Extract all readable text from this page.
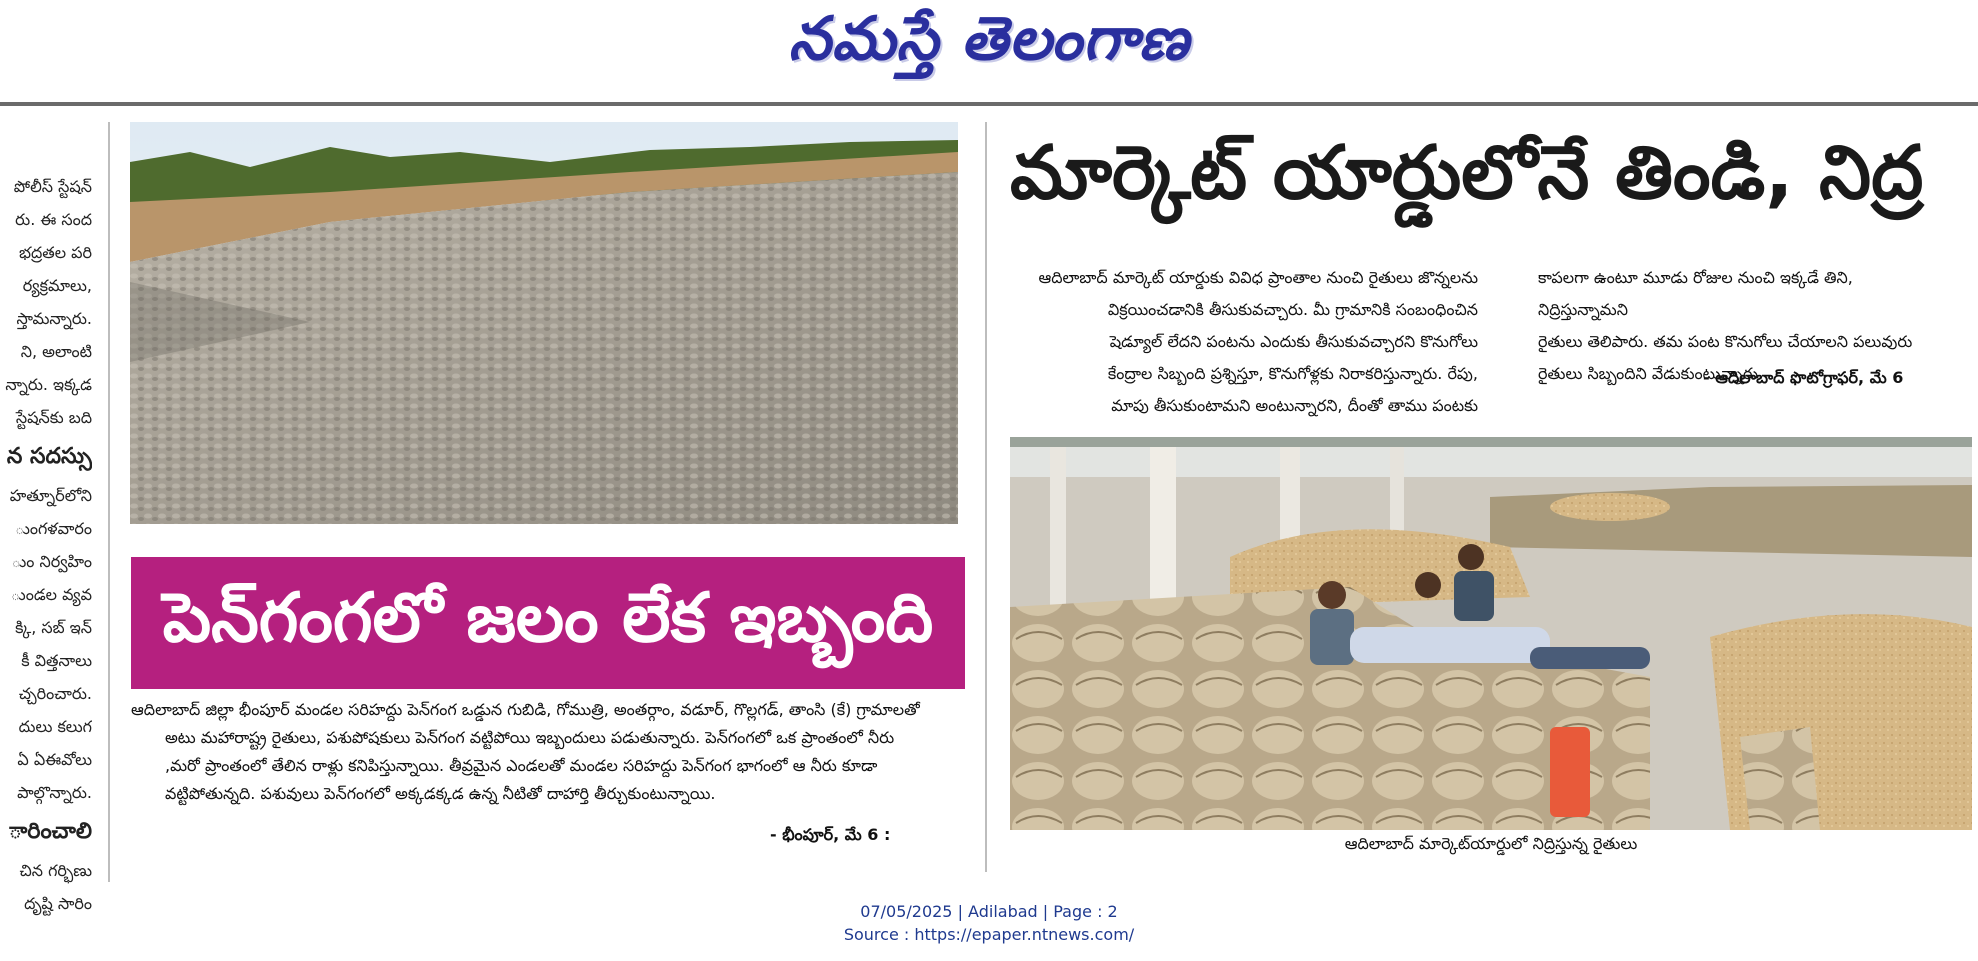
నమస్తే తెలంగాణ

పోలీస్ స్టేషన్

రు. ఈ సంద

భద్రతల పరి

ర్యక్రమాలు,

స్తామన్నారు.

ని, అలాంటి

న్నారు. ఇక్కడ

స్టేషన్‌కు బది

న సదస్సు

హత్నూర్‌లోని

ుంగళవారం

ుం నిర్వహిం

ుండల వ్యవ

క్కి, సబ్ ఇన్

కీ విత్తనాలు

చ్చరించారు.

దులు కలుగ

ఏ ఏఈవోలు

పాల్గొన్నారు.

ారించాలి

చిన గర్భిణు

దృష్టి సారిం

పెన్‌గంగలో జలం లేక ఇబ్బంది

ఆదిలాబాద్ జిల్లా భీంపూర్ మండల సరిహద్దు పెన్‌గంగ ఒడ్డున గుబిడి, గోముత్రి, అంతర్గాం, వడూర్, గొల్లగడ్, తాంసి (కే) గ్రామాలతో

అటు మహారాష్ట్ర రైతులు, పశుపోషకులు పెన్‌గంగ వట్టిపోయి ఇబ్బందులు పడుతున్నారు. పెన్‌గంగలో ఒక ప్రాంతంలో నీరు

,మరో ప్రాంతంలో తేలిన రాళ్లు కనిపిస్తున్నాయి. తీవ్రమైన ఎండలతో మండల సరిహద్దు పెన్‌గంగ భాగంలో ఆ నీరు కూడా

వట్టిపోతున్నది. పశువులు పెన్‌గంగలో అక్కడక్కడ ఉన్న నీటితో దాహార్తి తీర్చుకుంటున్నాయి.

- భీంపూర్, మే 6 :
మార్కెట్ యార్డులోనే తిండి, నిద్ర

ఆదిలాబాద్ మార్కెట్ యార్డుకు వివిధ ప్రాంతాల నుంచి రైతులు జొన్నలను

విక్రయించడానికి తీసుకువచ్చారు. మీ గ్రామానికి సంబంధించిన

షెడ్యూల్ లేదని పంటను ఎందుకు తీసుకువచ్చారని కొనుగోలు

కేంద్రాల సిబ్బంది ప్రశ్నిస్తూ, కొనుగోళ్లకు నిరాకరిస్తున్నారు. రేపు,

మాపు తీసుకుంటామని అంటున్నారని, దీంతో తాము పంటకు

కాపలగా ఉంటూ మూడు రోజుల నుంచి ఇక్కడే తిని, నిద్రిస్తున్నామని

రైతులు తెలిపారు. తమ పంట కొనుగోలు చేయాలని పలువురు

రైతులు సిబ్బందిని వేడుకుంటున్నారు.

- ఆదిలాబాద్ ఫొటోగ్రాఫర్, మే 6
ఆదిలాబాద్ మార్కెట్‌యార్డులో నిద్రిస్తున్న రైతులు
07/05/2025 | Adilabad | Page : 2
Source : https://epaper.ntnews.com/
